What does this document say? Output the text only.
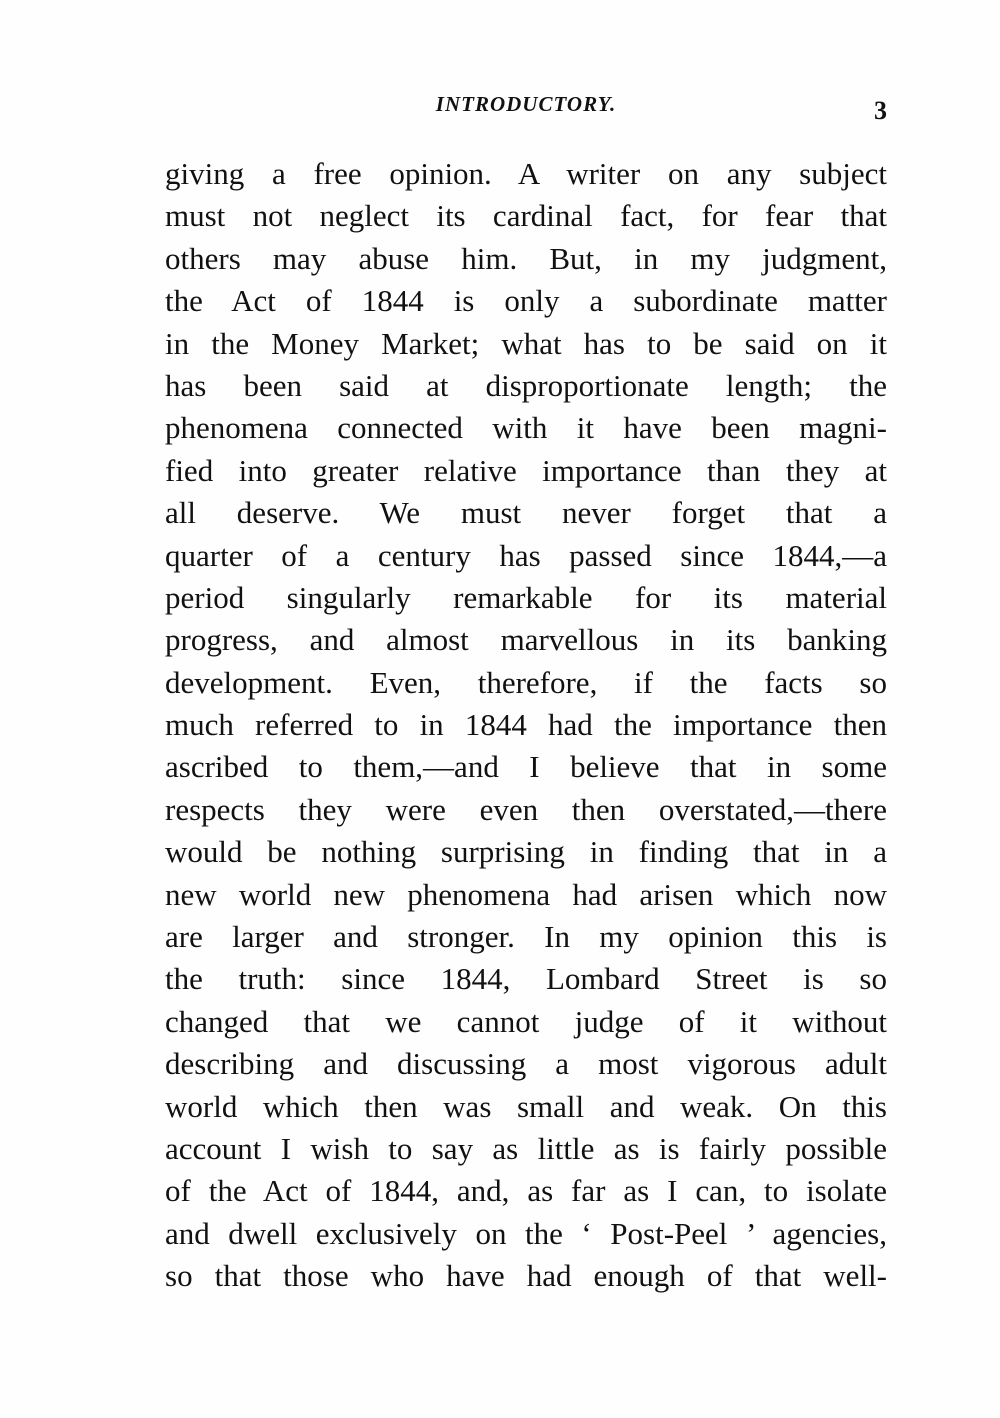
INTRODUCTORY.	3
giving a free opinion. A writer on any subject
must not neglect its cardinal fact, for fear that
others may abuse him. But, in my judgment,
the Act of 1844 is only a subordinate matter
in the Money Market; what has to be said on it
has been said at disproportionate length; the
phenomena connected with it have been magni-
fied into greater relative importance than they at
all deserve. We must never forget that a
quarter of a century has passed since 1844,—a
period singularly remarkable for its material
progress, and almost marvellous in its banking
development. Even, therefore, if the facts so
much referred to in 1844 had the importance then
ascribed to them,—and I believe that in some
respects they were even then overstated,—there
would be nothing surprising in finding that in a
new world new phenomena had arisen which now
are larger and stronger. In my opinion this is
the truth: since 1844, Lombard Street is so
changed that we cannot judge of it without
describing and discussing a most vigorous adult
world which then was small and weak. On this
account I wish to say as little as is fairly possible
of the Act of 1844, and, as far as I can, to isolate
and dwell exclusively on the ‘ Post-Peel ’ agencies,
so that those who have had enough of that well-
